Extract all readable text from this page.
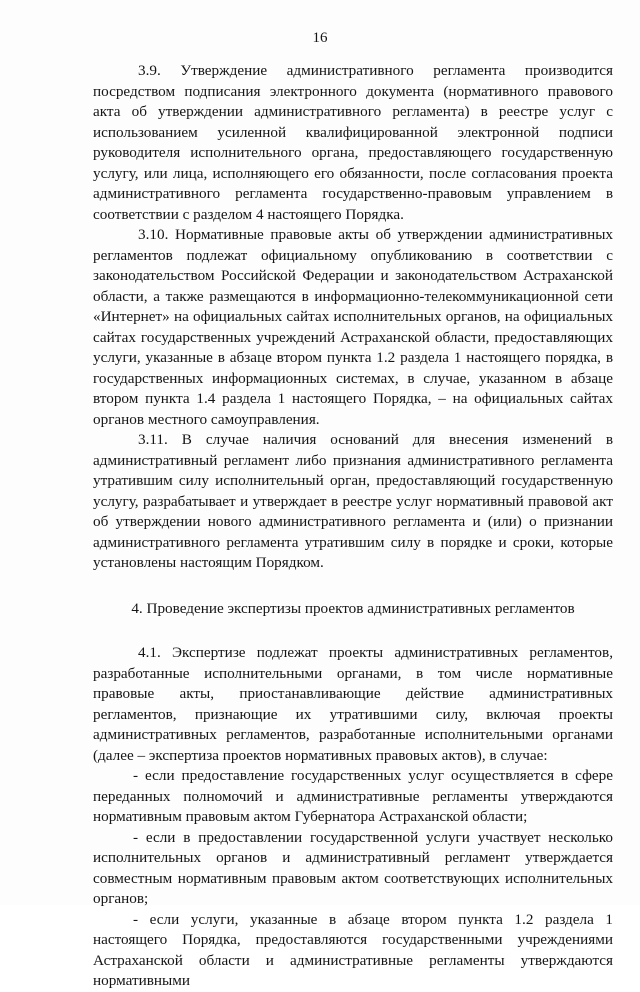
16

3.9. Утверждение административного регламента производится посредством подписания электронного документа (нормативного правового акта об утверждении административного регламента) в реестре услуг с использованием усиленной квалифицированной электронной подписи руководителя исполнительного органа, предоставляющего государственную услугу, или лица, исполняющего его обязанности, после согласования проекта административного регламента государственно-правовым управлением в соответствии с разделом 4 настоящего Порядка.

3.10. Нормативные правовые акты об утверждении административных регламентов подлежат официальному опубликованию в соответствии с законодательством Российской Федерации и законодательством Астраханской области, а также размещаются в информационно-телекоммуникационной сети «Интернет» на официальных сайтах исполнительных органов, на официальных сайтах государственных учреждений Астраханской области, предоставляющих услуги, указанные в абзаце втором пункта 1.2 раздела 1 настоящего порядка, в государственных информационных системах, в случае, указанном в абзаце втором пункта 1.4 раздела 1 настоящего Порядка, – на официальных сайтах органов местного самоуправления.

3.11. В случае наличия оснований для внесения изменений в административный регламент либо признания административного регламента утратившим силу исполнительный орган, предоставляющий государственную услугу, разрабатывает и утверждает в реестре услуг нормативный правовой акт об утверждении нового административного регламента и (или) о признании административного регламента утратившим силу в порядке и сроки, которые установлены настоящим Порядком.

4. Проведение экспертизы проектов административных регламентов

4.1. Экспертизе подлежат проекты административных регламентов, разработанные исполнительными органами, в том числе нормативные правовые акты, приостанавливающие действие административных регламентов, признающие их утратившими силу, включая проекты административных регламентов, разработанные исполнительными органами (далее – экспертиза проектов нормативных правовых актов), в случае:

- если предоставление государственных услуг осуществляется в сфере переданных полномочий и административные регламенты утверждаются нормативным правовым актом Губернатора Астраханской области;

- если в предоставлении государственной услуги участвует несколько исполнительных органов и административный регламент утверждается совместным нормативным правовым актом соответствующих исполнительных органов;

- если услуги, указанные в абзаце втором пункта 1.2 раздела 1 настоящего Порядка, предоставляются государственными учреждениями Астраханской области и административные регламенты утверждаются нормативными
